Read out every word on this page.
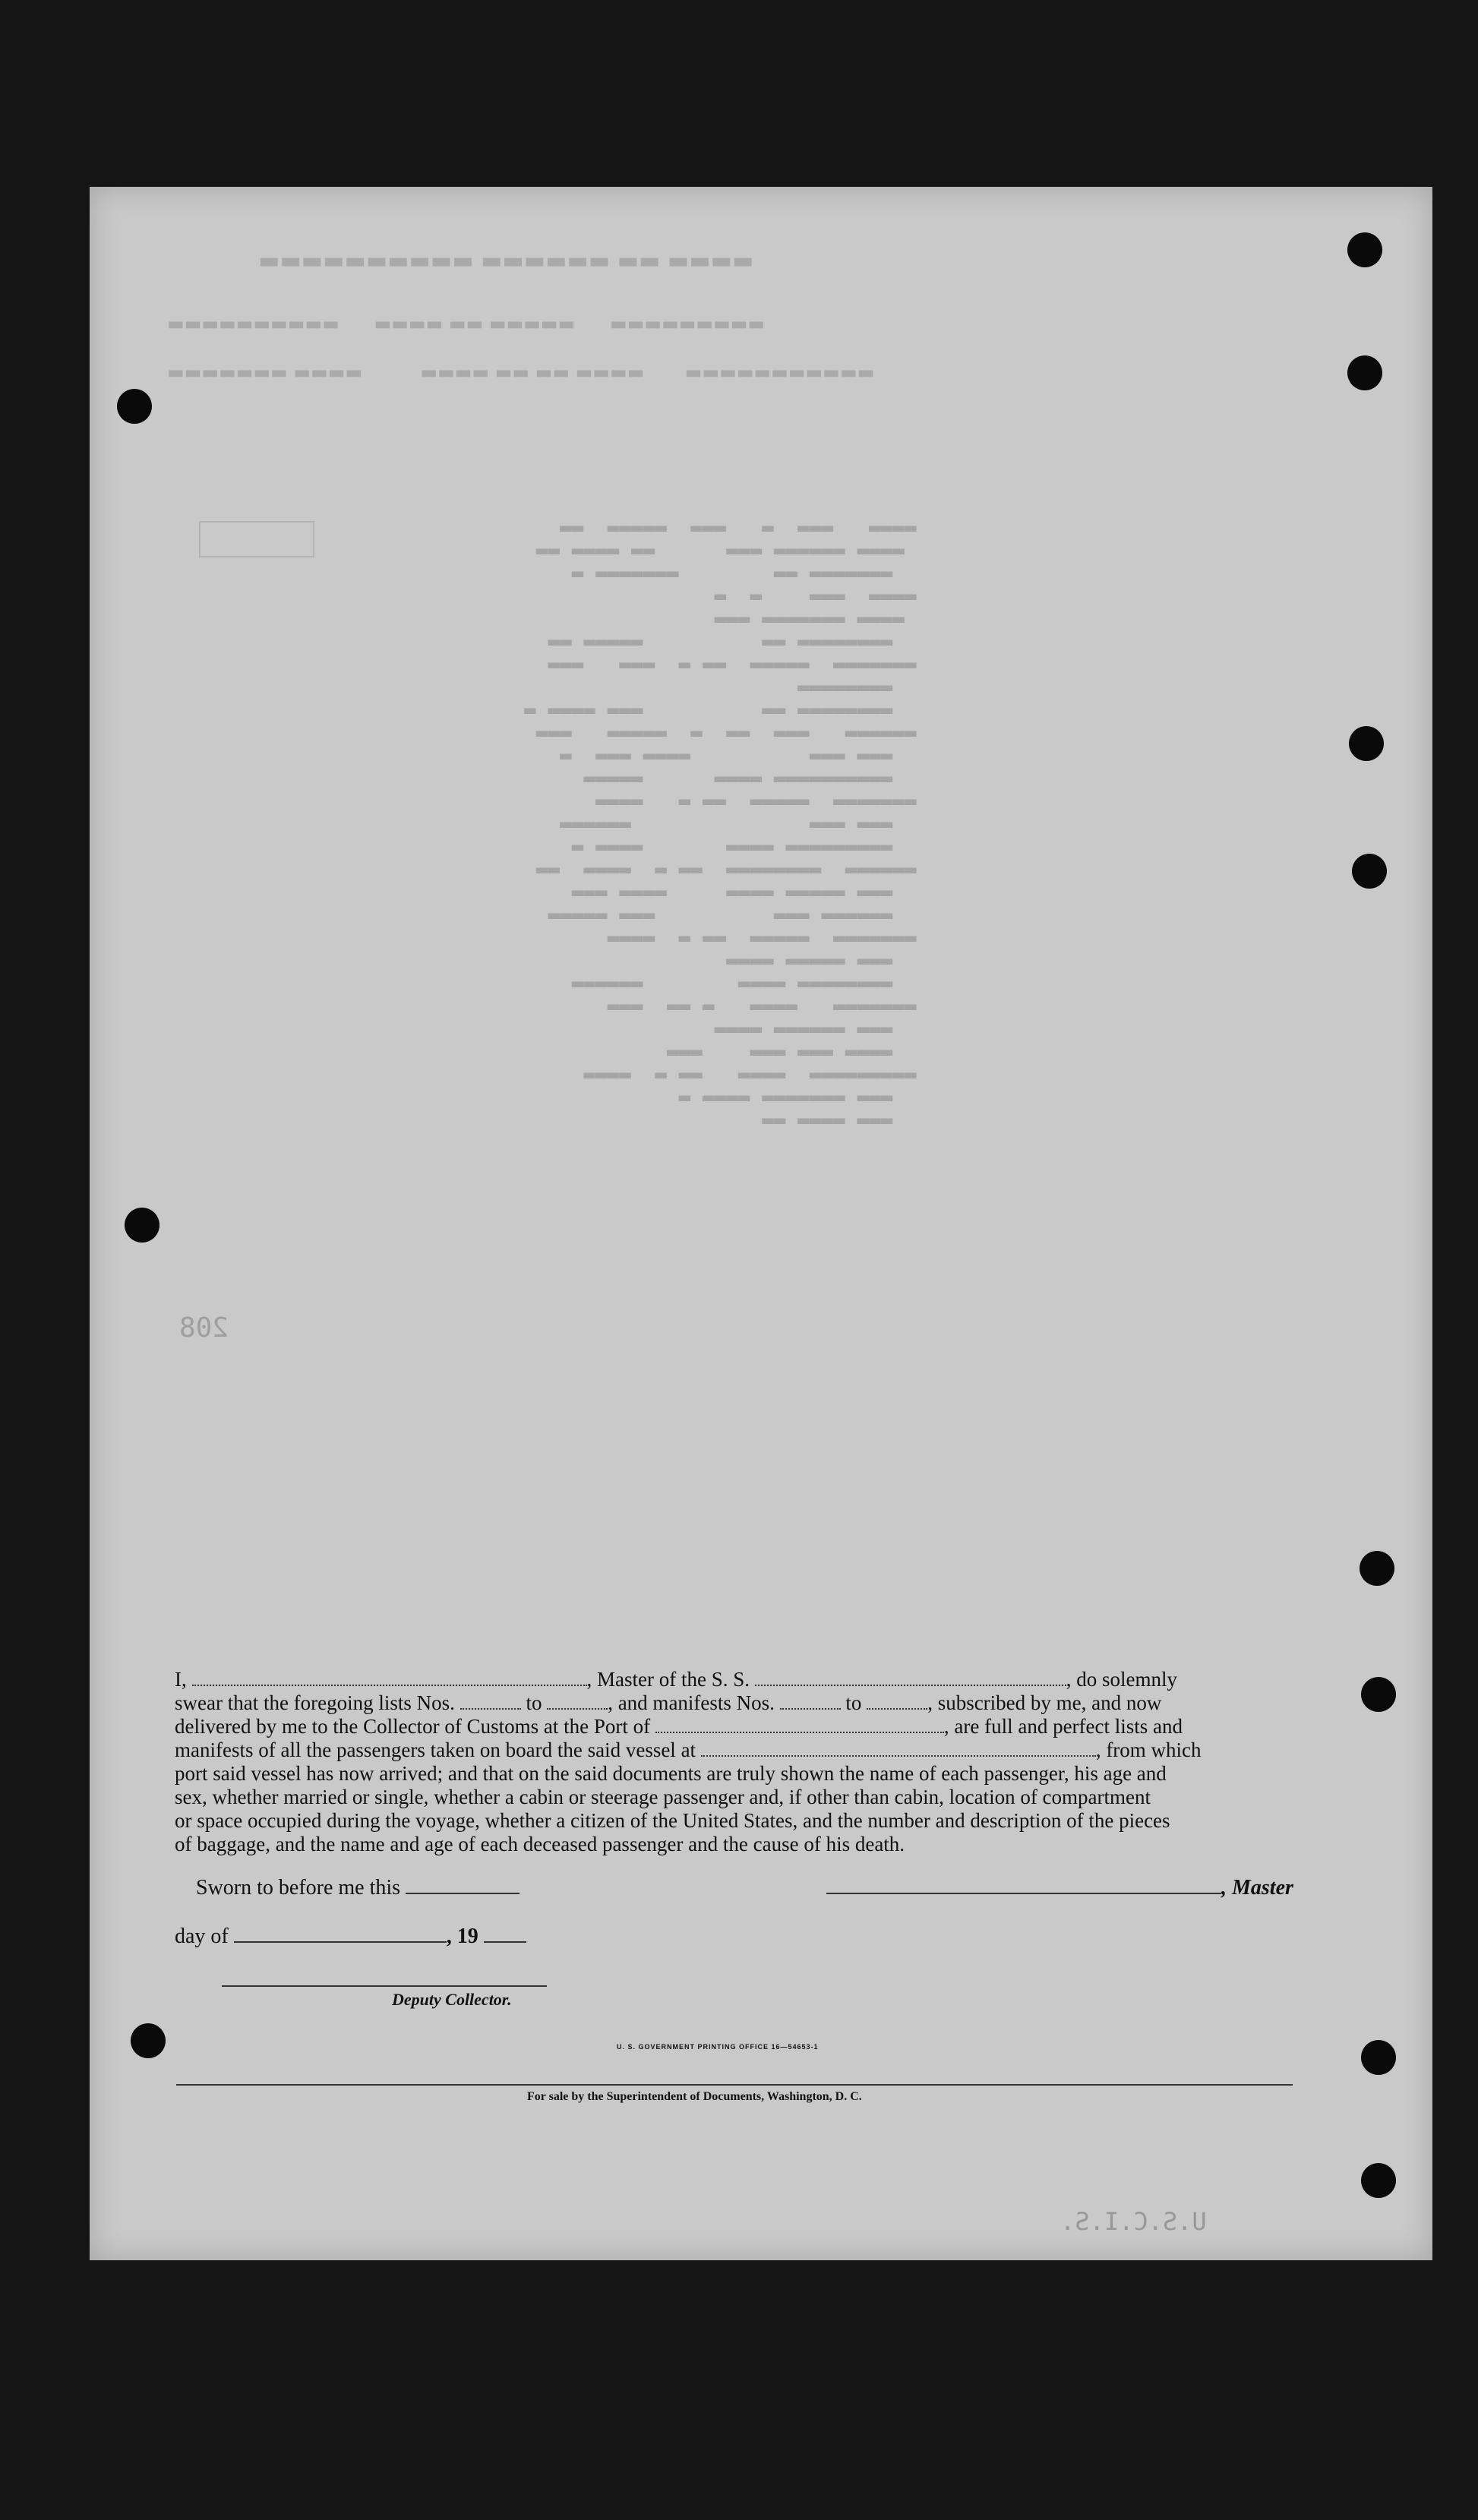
▬▬▬▬   ▬▬▬  ▬   ▬▬▬  ▬▬▬▬▬  ▬▬
▬▬▬▬ ▬▬▬▬▬▬ ▬▬▬      ▬▬ ▬▬▬▬ ▬▬
▬▬▬▬▬▬▬ ▬▬        ▬▬▬▬▬▬▬ ▬
▬▬▬▬  ▬▬▬    ▬  ▬
▬▬▬▬ ▬▬▬▬▬▬▬ ▬▬▬
▬▬▬▬▬▬▬▬ ▬▬          ▬▬▬▬▬ ▬▬
▬▬▬▬▬▬▬  ▬▬▬▬▬  ▬▬ ▬  ▬▬▬   ▬▬▬
▬▬▬▬▬▬▬▬
▬▬▬▬▬▬▬▬ ▬▬          ▬▬▬ ▬▬▬▬ ▬
▬▬▬▬▬▬   ▬▬▬  ▬▬  ▬  ▬▬▬▬▬   ▬▬▬
▬▬▬ ▬▬▬          ▬▬▬▬ ▬▬▬  ▬
▬▬▬▬▬▬▬▬▬▬ ▬▬▬▬      ▬▬▬▬▬
▬▬▬▬▬▬▬  ▬▬▬▬▬  ▬▬ ▬   ▬▬▬▬
▬▬▬ ▬▬▬               ▬▬▬▬▬▬
▬▬▬▬▬▬▬▬▬ ▬▬▬▬       ▬▬▬▬ ▬
▬▬▬▬▬▬  ▬▬▬▬▬▬▬▬  ▬▬ ▬  ▬▬▬▬  ▬▬
▬▬▬ ▬▬▬▬▬ ▬▬▬▬     ▬▬▬▬ ▬▬▬
▬▬▬▬▬▬ ▬▬▬          ▬▬▬ ▬▬▬▬▬
▬▬▬▬▬▬▬  ▬▬▬▬▬  ▬▬ ▬  ▬▬▬▬
▬▬▬ ▬▬▬▬▬ ▬▬▬▬
▬▬▬▬▬▬▬▬ ▬▬▬▬        ▬▬▬▬▬▬
▬▬▬▬▬▬▬   ▬▬▬▬   ▬ ▬▬  ▬▬▬
▬▬▬ ▬▬▬▬▬▬ ▬▬▬▬
▬▬▬▬ ▬▬▬ ▬▬▬    ▬▬▬
▬▬▬▬▬▬▬▬▬  ▬▬▬▬   ▬▬ ▬  ▬▬▬▬
▬▬▬ ▬▬▬▬▬▬▬ ▬▬▬▬ ▬
▬▬▬ ▬▬▬▬ ▬▬
▬▬▬▬ ▬▬ ▬▬▬▬▬▬ ▬▬▬▬▬▬▬▬▬▬
▬▬▬▬▬▬▬▬▬      ▬▬▬▬▬ ▬▬ ▬▬▬▬      ▬▬▬▬▬▬▬▬▬▬
▬▬▬▬▬▬▬▬▬▬▬       ▬▬▬▬ ▬▬ ▬▬ ▬▬▬▬          ▬▬▬▬ ▬▬▬▬▬▬▬
208
I,	, Master of the S. S.	, do solemnly
swear that the foregoing lists Nos.	to	, and manifests Nos.	to	, subscribed by me, and now
delivered by me to the Collector of Customs at the Port of	, are full and perfect lists and
manifests of all the passengers taken on board the said vessel at	, from which
port said vessel has now arrived; and that on the said documents are truly shown the name of each passenger, his age and
sex, whether married or single, whether a cabin or steerage passenger and, if other than cabin, location of compartment
or space occupied during the voyage, whether a citizen of the United States, and the number and description of the pieces
of baggage, and the name and age of each deceased passenger and the cause of his death.
Sworn to before me this	, Master
day of	, 19
Deputy Collector.
U. S. GOVERNMENT PRINTING OFFICE 16—54653-1
For sale by the Superintendent of Documents, Washington, D. C.
U.S.C.I.S.
